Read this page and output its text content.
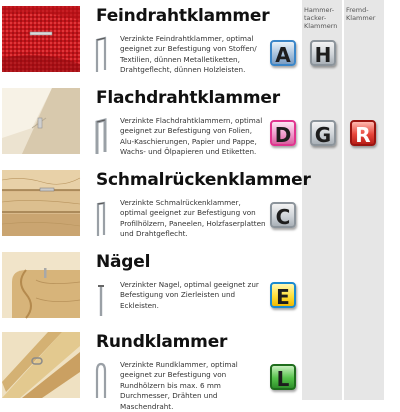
Hammer-
tacker-
Klammern
Fremd-
Klammer
Feindrahtklammer
Verzinkte Feindrahtklammer, optimal geeignet zur Befestigung von Stoffen/ Textilien, dünnen Metalletiketten, Drahtgeflecht, dünnen Holzleisten.
A H
Flachdrahtklammer
Verzinkte Flachdrahtklammern, optimal geeignet zur Befestigung von Folien, Alu-Kaschierungen, Papier und Pappe, Wachs- und Ölpapieren und Etiketten.
D G R
Schmalrückenklammer
Verzinkte Schmalrückenklammer, optimal geeignet zur Befestigung von Profilhölzern, Paneelen, Holzfaserplatten und Drahtgeflecht.
C
Nägel
Verzinkter Nagel, optimal geeignet zur Befestigung von Zierleisten und Eckleisten.	E
Rundklammer
Verzinkte Rundklammer, optimal geeignet zur Befestigung von Rundhölzern bis max. 6 mm Durchmesser, Drähten und Maschendraht.
L
